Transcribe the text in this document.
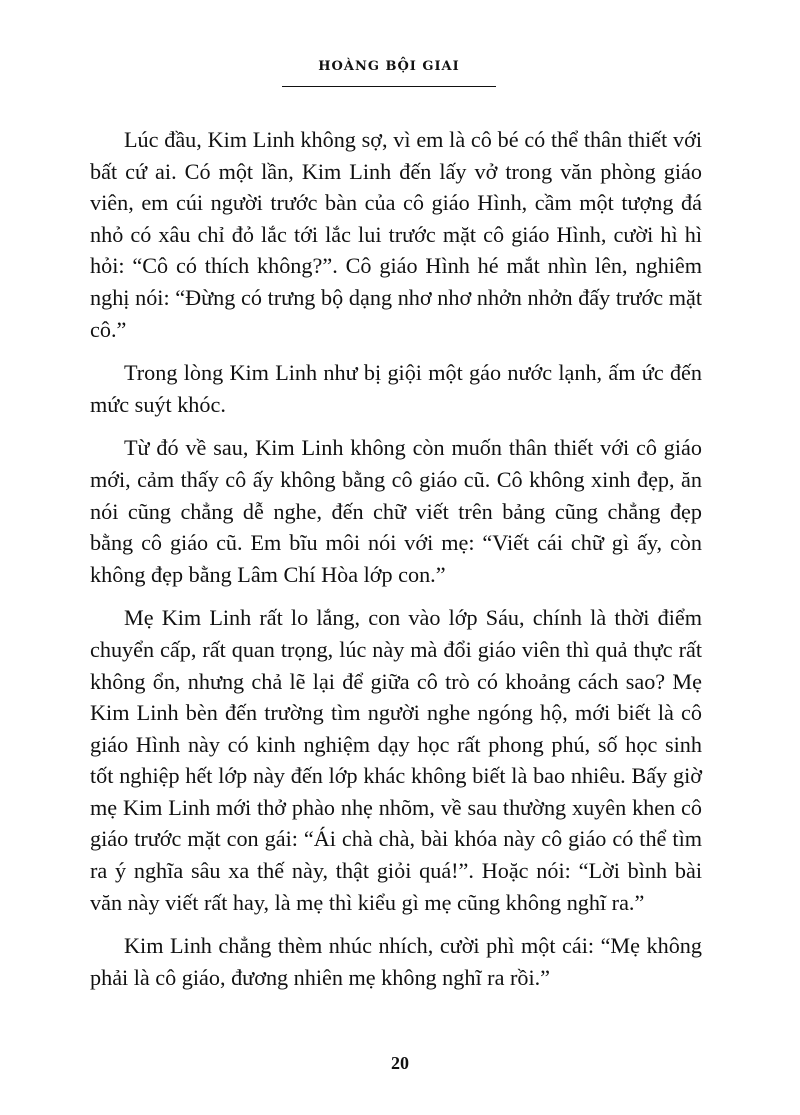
HOÀNG BỘI GIAI

Lúc đầu, Kim Linh không sợ, vì em là cô bé có thể thân thiết với bất cứ ai. Có một lần, Kim Linh đến lấy vở trong văn phòng giáo viên, em cúi người trước bàn của cô giáo Hình, cầm một tượng đá nhỏ có xâu chỉ đỏ lắc tới lắc lui trước mặt cô giáo Hình, cười hì hì hỏi: “Cô có thích không?”. Cô giáo Hình hé mắt nhìn lên, nghiêm nghị nói: “Đừng có trưng bộ dạng nhơ nhơ nhởn nhởn đấy trước mặt cô.”

Trong lòng Kim Linh như bị giội một gáo nước lạnh, ấm ức đến mức suýt khóc.

Từ đó về sau, Kim Linh không còn muốn thân thiết với cô giáo mới, cảm thấy cô ấy không bằng cô giáo cũ. Cô không xinh đẹp, ăn nói cũng chẳng dễ nghe, đến chữ viết trên bảng cũng chẳng đẹp bằng cô giáo cũ. Em bĩu môi nói với mẹ: “Viết cái chữ gì ấy, còn không đẹp bằng Lâm Chí Hòa lớp con.”

Mẹ Kim Linh rất lo lắng, con vào lớp Sáu, chính là thời điểm chuyển cấp, rất quan trọng, lúc này mà đổi giáo viên thì quả thực rất không ổn, nhưng chả lẽ lại để giữa cô trò có khoảng cách sao? Mẹ Kim Linh bèn đến trường tìm người nghe ngóng hộ, mới biết là cô giáo Hình này có kinh nghiệm dạy học rất phong phú, số học sinh tốt nghiệp hết lớp này đến lớp khác không biết là bao nhiêu. Bấy giờ mẹ Kim Linh mới thở phào nhẹ nhõm, về sau thường xuyên khen cô giáo trước mặt con gái: “Ái chà chà, bài khóa này cô giáo có thể tìm ra ý nghĩa sâu xa thế này, thật giỏi quá!”. Hoặc nói: “Lời bình bài văn này viết rất hay, là mẹ thì kiểu gì mẹ cũng không nghĩ ra.”

Kim Linh chẳng thèm nhúc nhích, cười phì một cái: “Mẹ không phải là cô giáo, đương nhiên mẹ không nghĩ ra rồi.”

20
